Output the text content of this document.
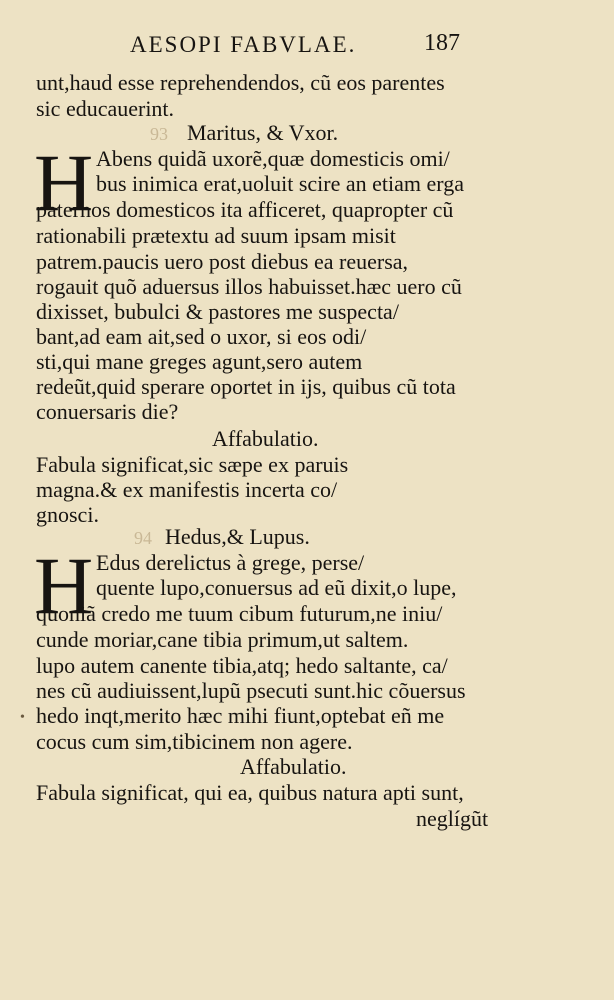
AESOPI FABVLAE.	187
unt,haud esse reprehendendos, cũ eos parentes
sic educauerint.
93 Maritus, & Vxor.
H Abens quidã uxorẽ,quæ domesticis omi/
bus inimica erat,uoluit scire an etiam erga
paternos domesticos ita afficeret, quapropter cũ
rationabili prætextu ad suum ipsam misit
patrem.paucis uero post diebus ea reuersa,
rogauit quõ aduersus illos habuisset.hæc uero cũ
dixisset, bubulci & pastores me suspecta/
bant,ad eam ait,sed o uxor, si eos odi/
sti,qui mane greges agunt,sero autem
redeũt,quid sperare oportet in ijs, quibus cũ tota
conuersaris die?
Affabulatio.
Fabula significat,sic sæpe ex paruis
magna.& ex manifestis incerta co/
gnosci.
94 Hedus,& Lupus.
H Edus derelictus à grege, perse/
quente lupo,conuersus ad eũ dixit,o lupe,
quoniã credo me tuum cibum futurum,ne iniu/
cunde moriar,cane tibia primum,ut saltem.
lupo autem canente tibia,atq; hedo saltante, ca/
nes cũ audiuissent,lupũ psecuti sunt.hic cõuersus
• hedo inqt,merito hæc mihi fiunt,optebat eñ me
cocus cum sim,tibicinem non agere.
Affabulatio.
Fabula significat, qui ea, quibus natura apti sunt,
neglígũt
